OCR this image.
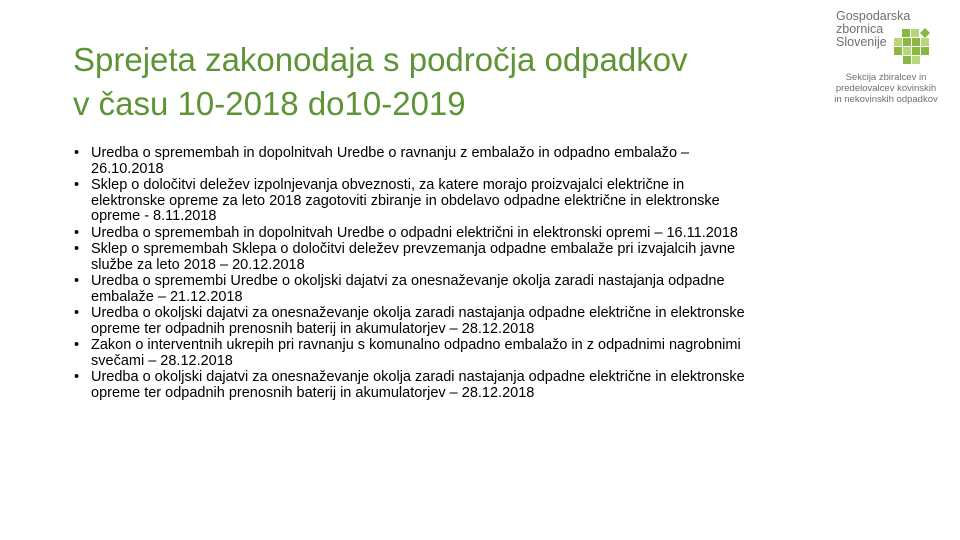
Sprejeta zakonodaja s področja odpadkov
v času 10-2018 do10-2019
Gospodarska
zbornica
Slovenije
Sekcija zbiralcev in
predelovalcev kovinskih
in nekovinskih odpadkov
• Uredba o spremembah in dopolnitvah Uredbe o ravnanju z embalažo in odpadno embalažo –
26.10.2018
• Sklep o določitvi deležev izpolnjevanja obveznosti, za katere morajo proizvajalci električne in
elektronske opreme za leto 2018 zagotoviti zbiranje in obdelavo odpadne električne in elektronske
opreme - 8.11.2018
• Uredba o spremembah in dopolnitvah Uredbe o odpadni električni in elektronski opremi – 16.11.2018
• Sklep o spremembah Sklepa o določitvi deležev prevzemanja odpadne embalaže pri izvajalcih javne
službe za leto 2018 – 20.12.2018
• Uredba o spremembi Uredbe o okoljski dajatvi za onesnaževanje okolja zaradi nastajanja odpadne
embalaže – 21.12.2018
• Uredba o okoljski dajatvi za onesnaževanje okolja zaradi nastajanja odpadne električne in elektronske
opreme ter odpadnih prenosnih baterij in akumulatorjev – 28.12.2018
• Zakon o interventnih ukrepih pri ravnanju s komunalno odpadno embalažo in z odpadnimi nagrobnimi
svečami – 28.12.2018
• Uredba o okoljski dajatvi za onesnaževanje okolja zaradi nastajanja odpadne električne in elektronske
opreme ter odpadnih prenosnih baterij in akumulatorjev – 28.12.2018
